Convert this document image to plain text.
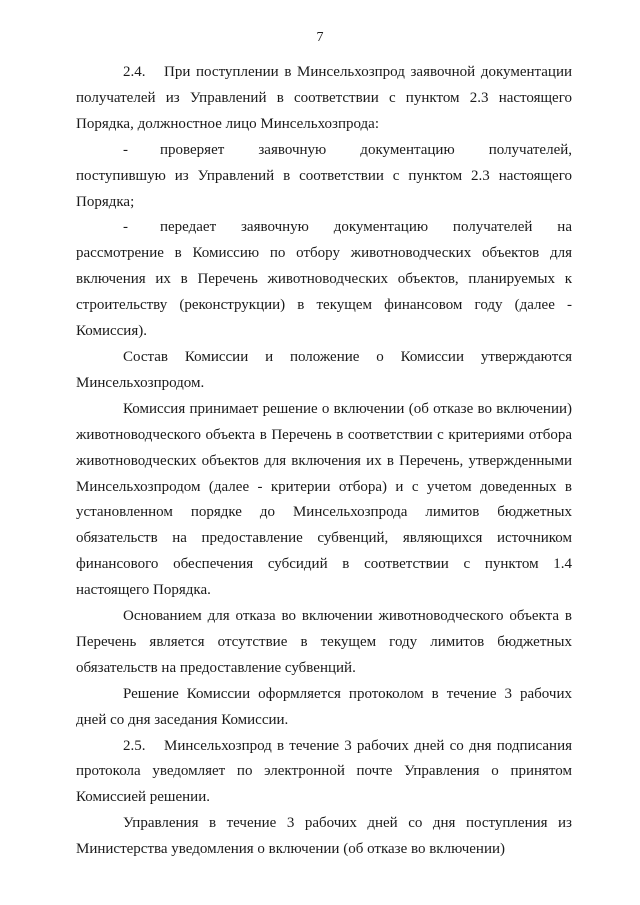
7

2.4. При поступлении в Минсельхозпрод заявочной документации получателей из Управлений в соответствии с пунктом 2.3 настоящего Порядка, должностное лицо Минсельхозпрода:

- проверяет заявочную документацию получателей, поступившую из Управлений в соответствии с пунктом 2.3 настоящего Порядка;

- передает заявочную документацию получателей на рассмотрение в Комиссию по отбору животноводческих объектов для включения их в Перечень животноводческих объектов, планируемых к строительству (реконструкции) в текущем финансовом году (далее - Комиссия).

Состав Комиссии и положение о Комиссии утверждаются Минсельхозпродом.

Комиссия принимает решение о включении (об отказе во включении) животноводческого объекта в Перечень в соответствии с критериями отбора животноводческих объектов для включения их в Перечень, утвержденными Минсельхозпродом (далее - критерии отбора) и с учетом доведенных в установленном порядке до Минсельхозпрода лимитов бюджетных обязательств на предоставление субвенций, являющихся источником финансового обеспечения субсидий в соответствии с пунктом 1.4 настоящего Порядка.

Основанием для отказа во включении животноводческого объекта в Перечень является отсутствие в текущем году лимитов бюджетных обязательств на предоставление субвенций.

Решение Комиссии оформляется протоколом в течение 3 рабочих дней со дня заседания Комиссии.

2.5. Минсельхозпрод в течение 3 рабочих дней со дня подписания протокола уведомляет по электронной почте Управления о принятом Комиссией решении.

Управления в течение 3 рабочих дней со дня поступления из Министерства уведомления о включении (об отказе во включении)
